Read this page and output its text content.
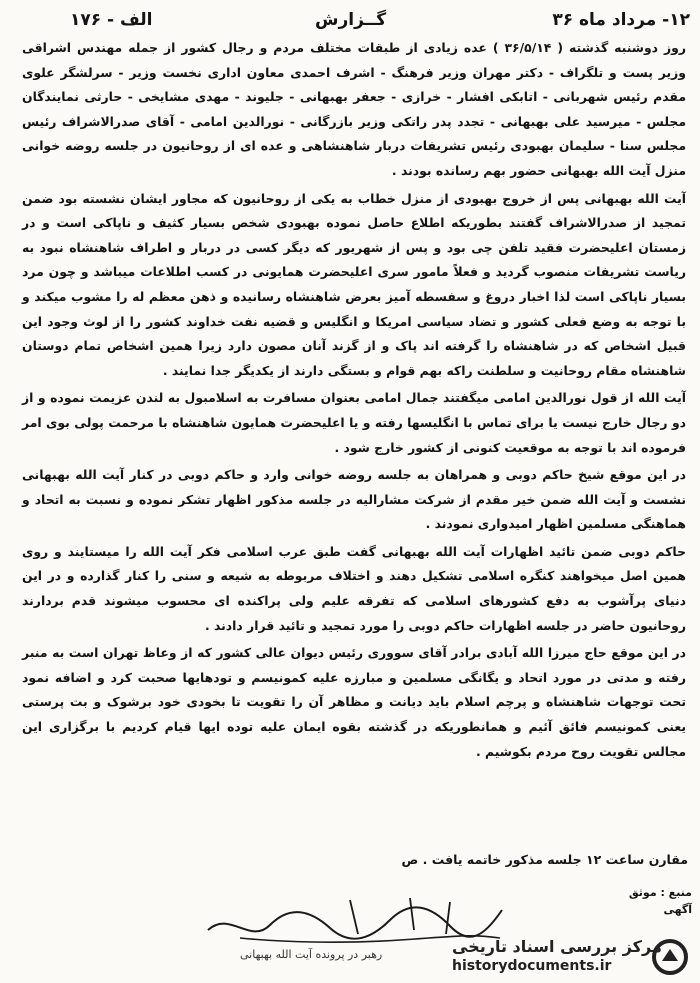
۱۲- مرداد ماه ۳۶
گــزارش
الف - ۱۷۶

روز دوشنبه گذشته ( ۳۶/۵/۱۴ ) عده زیادی از طبقات مختلف مردم و رجال کشور از جمله مهندس اشراقی وزیر پست و تلگراف - دکتر مهران وزیر فرهنگ - اشرف احمدی معاون اداری نخست وزیر - سرلشگر علوی مقدم رئیس شهربانی - اتابکی افشار - خرازی - جعفر بهبهانی - جلیوند - مهدی مشایخی - حارثی نمایندگان مجلس - میرسید علی بهبهانی - تجدد پدر راتکی وزیر بازرگانی - نورالدین امامی - آقای صدرالاشراف رئیس مجلس سنا - سلیمان بهبودی رئیس تشریفات دربار شاهنشاهی و عده ای از روحانیون در جلسه روضه خوانی منزل آیت الله بهبهانی حضور بهم رسانده بودند .

آیت الله بهبهانی پس از خروج بهبودی از منزل خطاب به یکی از روحانیون که مجاور ایشان نشسته بود ضمن تمجید از صدرالاشراف گفتند بطوریکه اطلاع حاصل نموده بهبودی شخص بسیار کثیف و ناپاکی است و در زمستان اعلیحضرت فقید تلفن چی بود و پس از شهریور که دیگر کسی در دربار و اطراف شاهنشاه نبود به ریاست تشریفات منصوب گردید و فعلاً مامور سری اعلیحضرت همایونی در کسب اطلاعات میباشد و چون مرد بسیار ناپاکی است لذا اخبار دروغ و سفسطه آمیز بعرض شاهنشاه رسانیده و ذهن معظم له را مشوب میکند و با توجه به وضع فعلی کشور و تضاد سیاسی امریکا و انگلیس و قضیه نفت خداوند کشور را از لوث وجود این قبیل اشخاص که در شاهنشاه را گرفته اند پاک و از گزند آنان مصون دارد زیرا همین اشخاص تمام دوستان شاهنشاه مقام روحانیت و سلطنت راکه بهم قوام و بستگی دارند از یکدیگر جدا نمایند .

آیت الله از قول نورالدین امامی میگفتند جمال امامی بعنوان مسافرت به اسلامبول به لندن عزیمت نموده و از دو رجال خارج نیست یا برای تماس با انگلیسها رفته و یا اعلیحضرت همایون شاهنشاه با مرحمت پولی بوی امر فرموده اند با توجه به موقعیت کنونی از کشور خارج شود .

در این موقع شیخ حاکم دوبی و همراهان به جلسه روضه خوانی وارد و حاکم دوبی در کنار آیت الله بهبهانی نشست و آیت الله ضمن خیر مقدم از شرکت مشارالیه در جلسه مذکور اظهار تشکر نموده و نسبت به اتحاد و هماهنگی مسلمین اظهار امیدواری نمودند .

حاکم دوبی ضمن تائید اظهارات آیت الله بهبهانی گفت طبق عرب اسلامی فکر آیت الله را میستایند و روی همین اصل میخواهند کنگره اسلامی تشکیل دهند و اختلاف مربوطه به شیعه و سنی را کنار گذارده و در این دنیای پرآشوب به دفع کشورهای اسلامی که تفرقه علیم ولی پراکنده ای محسوب میشوند قدم بردارند روحانیون حاضر در جلسه اظهارات حاکم دوبی را مورد تمجید و تائید قرار دادند .

در این موقع حاج میرزا الله آبادی برادر آقای سووری رئیس دیوان عالی کشور که از وعاظ تهران است به منبر رفته و مدتی در مورد اتحاد و یگانگی مسلمین و مبارزه علیه کمونیسم و تودهایها صحبت کرد و اضافه نمود تحت توجهات شاهنشاه و پرچم اسلام باید دیانت و مظاهر آن را تقویت تا بخودی خود برشوک و بت پرستی یعنی کمونیسم فائق آئیم و همانطوریکه در گذشته بقوه ایمان علیه توده ایها قیام کردیم با برگزاری این مجالس تقویت روح مردم بکوشیم .

مقارن ساعت ۱۲ جلسه مذکور خاتمه یافت . ص
منبع : موثق
آگهی
رهبر در پرونده آیت الله بهبهانی	مرکز بررسی اسناد تاریخی
historydocuments.ir
